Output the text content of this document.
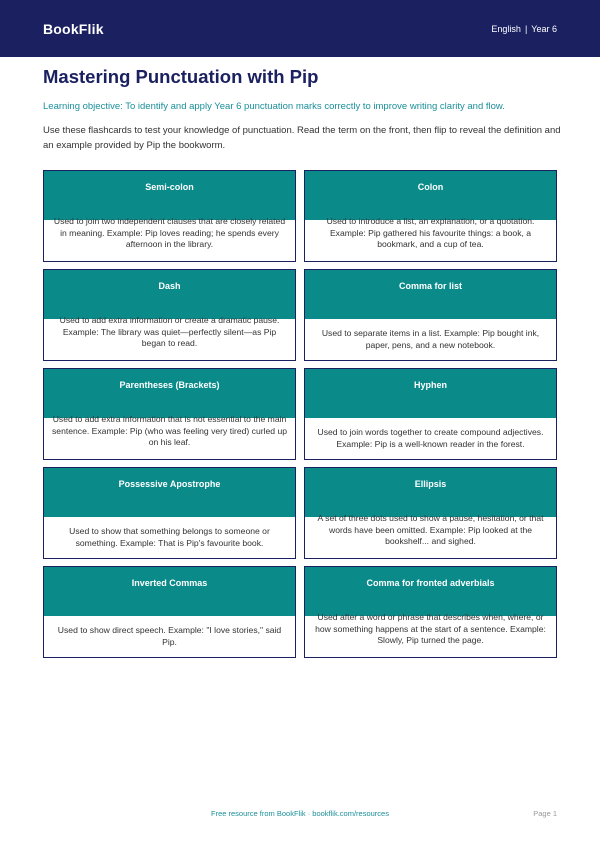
BookFlik	English | Year 6
Mastering Punctuation with Pip

Learning objective: To identify and apply Year 6 punctuation marks correctly to improve writing clarity and flow.

Use these flashcards to test your knowledge of punctuation. Read the term on the front, then flip to reveal the definition and an example provided by Pip the bookworm.

Semi-colon
Used to join two independent clauses that are closely related in meaning. Example: Pip loves reading; he spends every afternoon in the library.
Colon
Used to introduce a list, an explanation, or a quotation. Example: Pip gathered his favourite things: a book, a bookmark, and a cup of tea.
Dash
Used to add extra information or create a dramatic pause. Example: The library was quiet—perfectly silent—as Pip began to read.
Comma for list
Used to separate items in a list. Example: Pip bought ink, paper, pens, and a new notebook.
Parentheses (Brackets)
Used to add extra information that is not essential to the main sentence. Example: Pip (who was feeling very tired) curled up on his leaf.
Hyphen
Used to join words together to create compound adjectives. Example: Pip is a well-known reader in the forest.
Possessive Apostrophe
Used to show that something belongs to someone or something. Example: That is Pip's favourite book.
Ellipsis
A set of three dots used to show a pause, hesitation, or that words have been omitted. Example: Pip looked at the bookshelf... and sighed.
Inverted Commas
Used to show direct speech. Example: "I love stories," said Pip.
Comma for fronted adverbials
Used after a word or phrase that describes when, where, or how something happens at the start of a sentence. Example: Slowly, Pip turned the page.
Free resource from BookFlik · bookflik.com/resources	Page 1
